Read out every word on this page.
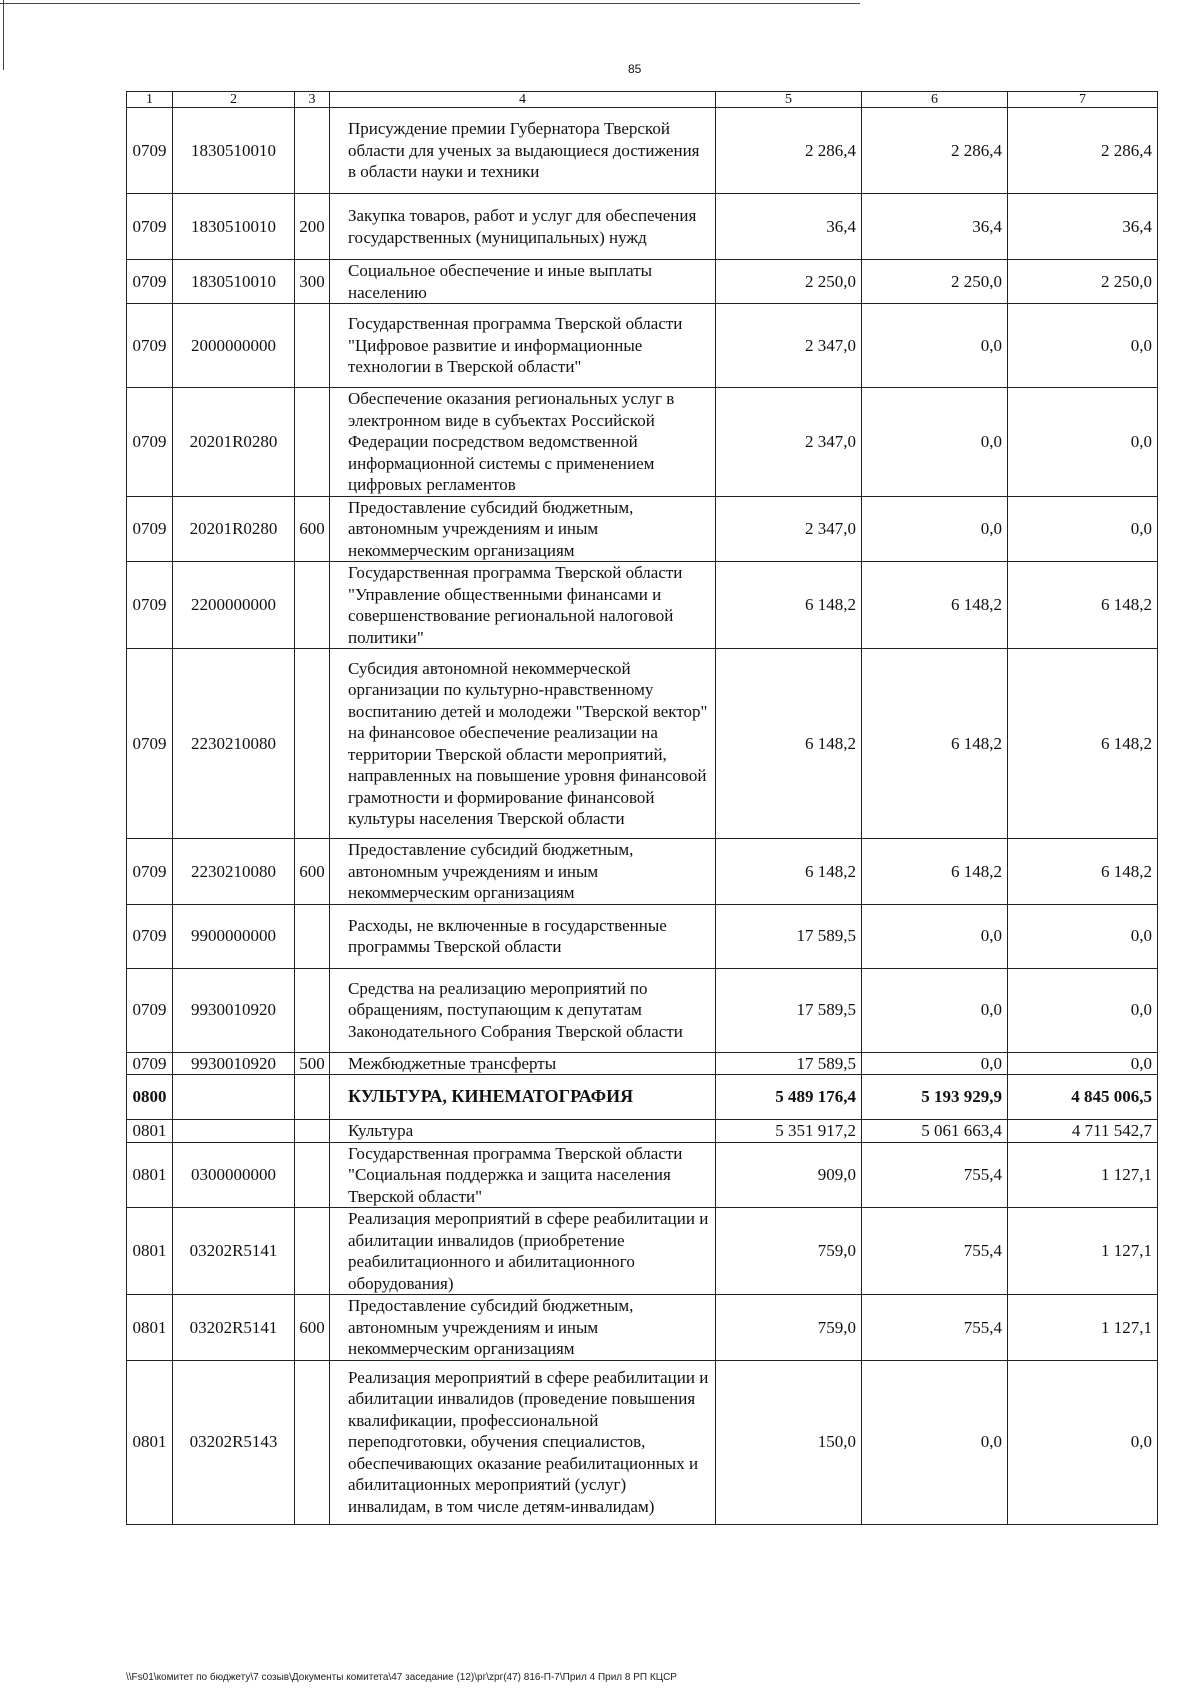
85
1	2	3	4	5	6	7
0709	1830510010		Присуждение премии Губернатора Тверской области для ученых за выдающиеся достижения в области науки и техники	2 286,4	2 286,4	2 286,4
0709	1830510010	200	Закупка товаров, работ и услуг для обеспечения государственных (муниципальных) нужд	36,4	36,4	36,4
0709	1830510010	300	Социальное обеспечение и иные выплаты населению	2 250,0	2 250,0	2 250,0
0709	2000000000		Государственная программа Тверской области "Цифровое развитие и информационные технологии в Тверской области"	2 347,0	0,0	0,0
0709	20201R0280		Обеспечение оказания региональных услуг в электронном виде в субъектах Российской Федерации посредством ведомственной информационной системы с применением цифровых регламентов	2 347,0	0,0	0,0
0709	20201R0280	600	Предоставление субсидий бюджетным, автономным учреждениям и иным некоммерческим организациям	2 347,0	0,0	0,0
0709	2200000000		Государственная программа Тверской области "Управление общественными финансами и совершенствование региональной налоговой политики"	6 148,2	6 148,2	6 148,2
0709	2230210080		Субсидия автономной некоммерческой организации по культурно-нравственному воспитанию детей и молодежи "Тверской вектор" на финансовое обеспечение реализации на территории Тверской области мероприятий, направленных на повышение уровня финансовой грамотности и формирование финансовой культуры населения Тверской области	6 148,2	6 148,2	6 148,2
0709	2230210080	600	Предоставление субсидий бюджетным, автономным учреждениям и иным некоммерческим организациям	6 148,2	6 148,2	6 148,2
0709	9900000000		Расходы, не включенные в государственные программы Тверской области	17 589,5	0,0	0,0
0709	9930010920		Средства на реализацию мероприятий по обращениям, поступающим к депутатам Законодательного Собрания Тверской области	17 589,5	0,0	0,0
0709	9930010920	500	Межбюджетные трансферты	17 589,5	0,0	0,0
0800			КУЛЬТУРА, КИНЕМАТОГРАФИЯ	5 489 176,4	5 193 929,9	4 845 006,5
0801			Культура	5 351 917,2	5 061 663,4	4 711 542,7
0801	0300000000		Государственная программа Тверской области "Социальная поддержка и защита населения Тверской области"	909,0	755,4	1 127,1
0801	03202R5141		Реализация мероприятий в сфере реабилитации и абилитации инвалидов (приобретение реабилитационного и абилитационного оборудования)	759,0	755,4	1 127,1
0801	03202R5141	600	Предоставление субсидий бюджетным, автономным учреждениям и иным некоммерческим организациям	759,0	755,4	1 127,1
0801	03202R5143		Реализация мероприятий в сфере реабилитации и абилитации инвалидов (проведение повышения квалификации, профессиональной переподготовки, обучения специалистов, обеспечивающих оказание реабилитационных и абилитационных мероприятий (услуг) инвалидам, в том числе детям-инвалидам)	150,0	0,0	0,0
\\Fs01\комитет по бюджету\7 созыв\Документы комитета\47 заседание (12)\рг\zрг(47) 816-П-7\Прил 4 Прил 8 РП КЦСР
